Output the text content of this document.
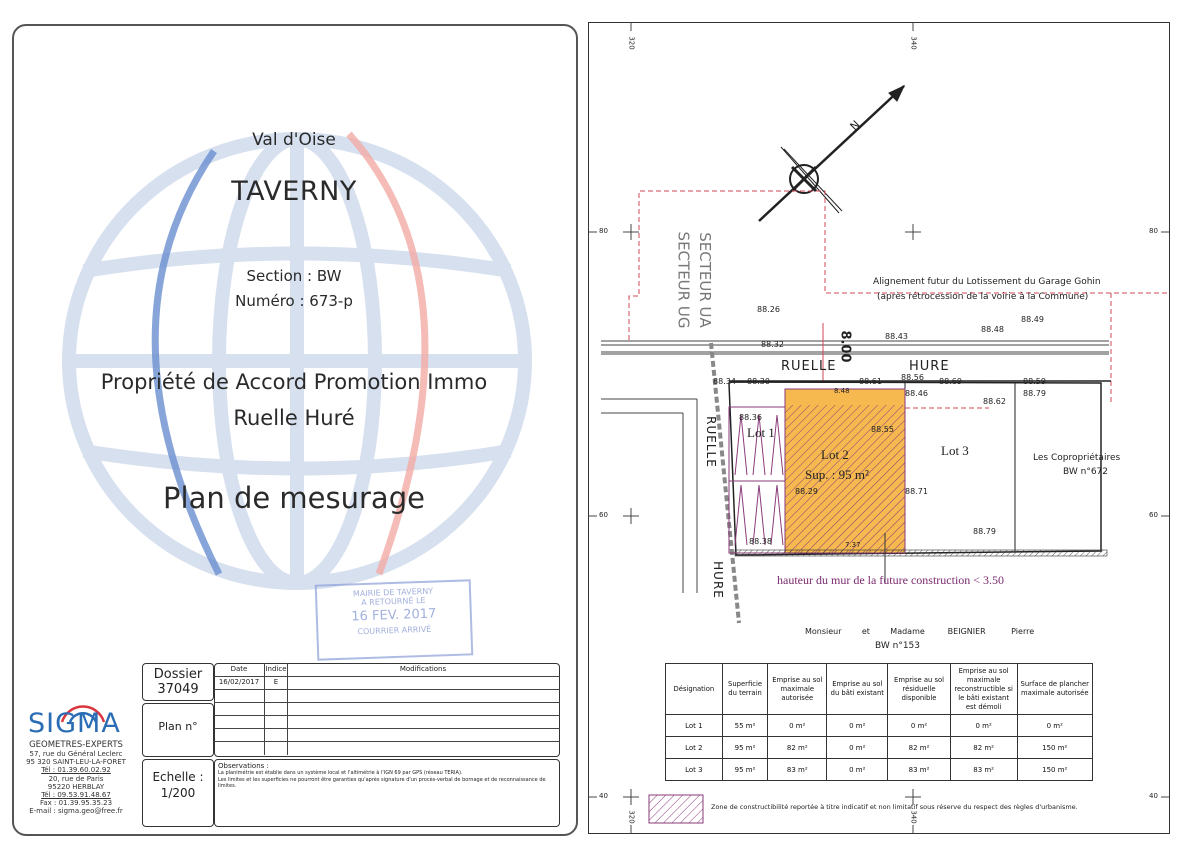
Val d'Oise
TAVERNY
Section : BW
Numéro : 673-p
Propriété de Accord Promotion Immo
Ruelle Huré
Plan de mesurage
MAIRIE DE TAVERNY
A RETOURNÉ LE
16 FEV. 2017
COURRIER ARRIVÉ
SIGMA
GEOMETRES-EXPERTS
57, rue du Général Leclerc
95 320 SAINT-LEU-LA-FORET
Tél : 01.39.60.02.92
20, rue de Paris
95220 HERBLAY
Tél : 09.53.91.48.67
Fax : 01.39.95.35.23
E-mail : sigma.geo@free.fr
Dossier
37049
Plan n°
Echelle :
1/200
Date	Indice	Modifications
16/02/2017	E
Observations :
La planimétrie est établie dans un système local et l'altimétrie à l'IGN 69 par GPS (réseau TERIA).
Les limites et les superficies ne pourront être garanties qu'après signature d'un procès-verbal de bornage et de reconnaissance de limites.
320	340
320	340
80
60
40
80
60
40
N
SECTEUR UA
SECTEUR UG	Alignement futur du Lotissement du Garage Gohin
(après rétrocession de la voirie à la Commune)
8.00
RUELLE	HURE
RUELLE
HURE
Lot 1
Lot 2
Sup. : 95 m²
Lot 3	Les Copropriétaires
BW n°672
8.48
7.37
hauteur du mur de la future construction < 3.50
Monsieur        et        Madame         BEIGNIER          Pierre
BW n°153
88.26
88.32
88.43
88.48
88.49
88.34 88.30	88.61 88.56 88.69	88.59
88.46	88.79
88.62
88.36
88.55
88.29	88.71
88.79
88.38
Désignation	Superficie du terrain	Emprise au sol maximale autorisée	Emprise au sol du bâti existant	Emprise au sol résiduelle disponible	Emprise au sol maximale reconstructible si le bâti existant est démoli	Surface de plancher maximale autorisée
Lot 1	55 m²	0 m²	0 m²	0 m²	0 m²	0 m²
Lot 2	95 m²	82 m²	0 m²	82 m²	82 m²	150 m²
Lot 3	95 m²	83 m²	0 m²	83 m²	83 m²	150 m²
Zone de constructibilité reportée à titre indicatif et non limitatif sous réserve du respect des règles d'urbanisme.
